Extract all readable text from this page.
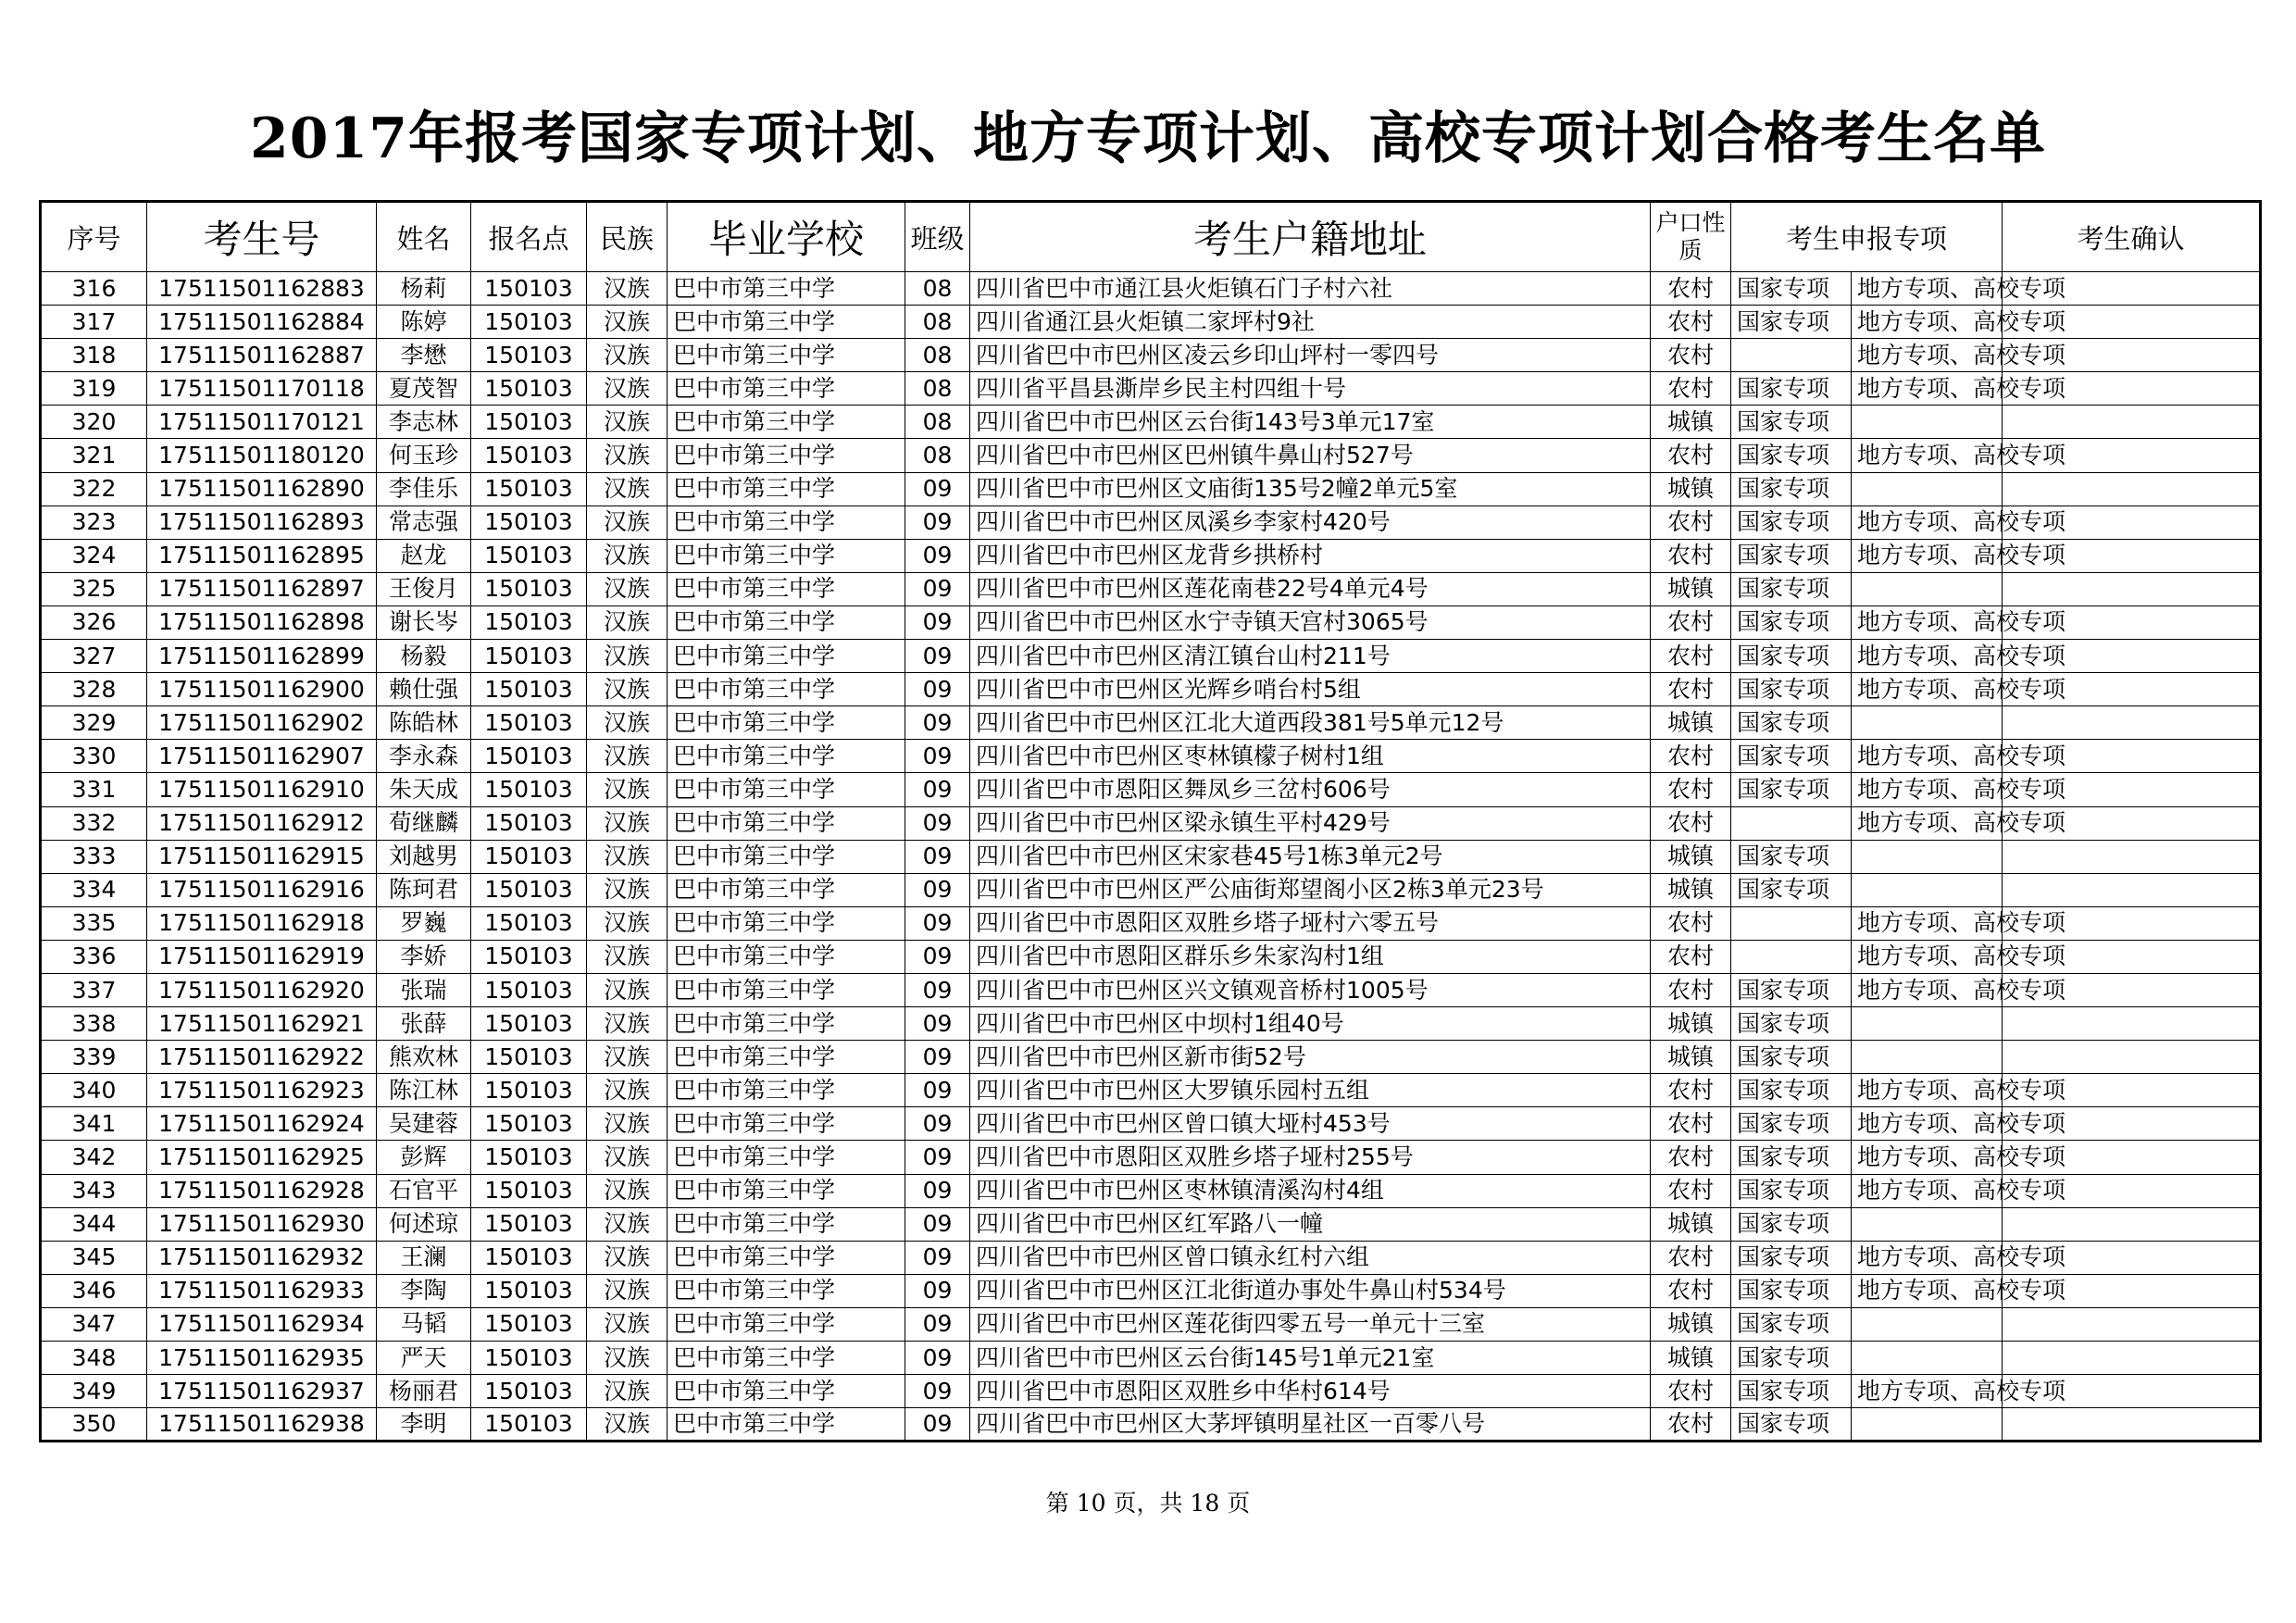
2017年报考国家专项计划、地方专项计划、高校专项计划合格考生名单
序号	考生号	姓名	报名点	民族	毕业学校	班级	考生户籍地址	户口性质	考生申报专项		考生确认
316	17511501162883	杨莉	150103	汉族	巴中市第三中学	08	四川省巴中市通江县火炬镇石门子村六社	农村	国家专项	地方专项、高校专项	
317	17511501162884	陈婷	150103	汉族	巴中市第三中学	08	四川省通江县火炬镇二家坪村9社	农村	国家专项	地方专项、高校专项	
318	17511501162887	李懋	150103	汉族	巴中市第三中学	08	四川省巴中市巴州区凌云乡印山坪村一零四号	农村		地方专项、高校专项	
319	17511501170118	夏茂智	150103	汉族	巴中市第三中学	08	四川省平昌县澌岸乡民主村四组十号	农村	国家专项	地方专项、高校专项	
320	17511501170121	李志林	150103	汉族	巴中市第三中学	08	四川省巴中市巴州区云台街143号3单元17室	城镇	国家专项		
321	17511501180120	何玉珍	150103	汉族	巴中市第三中学	08	四川省巴中市巴州区巴州镇牛鼻山村527号	农村	国家专项	地方专项、高校专项	
322	17511501162890	李佳乐	150103	汉族	巴中市第三中学	09	四川省巴中市巴州区文庙街135号2幢2单元5室	城镇	国家专项		
323	17511501162893	常志强	150103	汉族	巴中市第三中学	09	四川省巴中市巴州区凤溪乡李家村420号	农村	国家专项	地方专项、高校专项	
324	17511501162895	赵龙	150103	汉族	巴中市第三中学	09	四川省巴中市巴州区龙背乡拱桥村	农村	国家专项	地方专项、高校专项	
325	17511501162897	王俊月	150103	汉族	巴中市第三中学	09	四川省巴中市巴州区莲花南巷22号4单元4号	城镇	国家专项		
326	17511501162898	谢长岑	150103	汉族	巴中市第三中学	09	四川省巴中市巴州区水宁寺镇天宫村3065号	农村	国家专项	地方专项、高校专项	
327	17511501162899	杨毅	150103	汉族	巴中市第三中学	09	四川省巴中市巴州区清江镇台山村211号	农村	国家专项	地方专项、高校专项	
328	17511501162900	赖仕强	150103	汉族	巴中市第三中学	09	四川省巴中市巴州区光辉乡哨台村5组	农村	国家专项	地方专项、高校专项	
329	17511501162902	陈皓林	150103	汉族	巴中市第三中学	09	四川省巴中市巴州区江北大道西段381号5单元12号	城镇	国家专项		
330	17511501162907	李永森	150103	汉族	巴中市第三中学	09	四川省巴中市巴州区枣林镇檬子树村1组	农村	国家专项	地方专项、高校专项	
331	17511501162910	朱天成	150103	汉族	巴中市第三中学	09	四川省巴中市恩阳区舞凤乡三岔村606号	农村	国家专项	地方专项、高校专项	
332	17511501162912	荀继麟	150103	汉族	巴中市第三中学	09	四川省巴中市巴州区梁永镇生平村429号	农村		地方专项、高校专项	
333	17511501162915	刘越男	150103	汉族	巴中市第三中学	09	四川省巴中市巴州区宋家巷45号1栋3单元2号	城镇	国家专项		
334	17511501162916	陈珂君	150103	汉族	巴中市第三中学	09	四川省巴中市巴州区严公庙街郑望阁小区2栋3单元23号	城镇	国家专项		
335	17511501162918	罗巍	150103	汉族	巴中市第三中学	09	四川省巴中市恩阳区双胜乡塔子垭村六零五号	农村		地方专项、高校专项	
336	17511501162919	李娇	150103	汉族	巴中市第三中学	09	四川省巴中市恩阳区群乐乡朱家沟村1组	农村		地方专项、高校专项	
337	17511501162920	张瑞	150103	汉族	巴中市第三中学	09	四川省巴中市巴州区兴文镇观音桥村1005号	农村	国家专项	地方专项、高校专项	
338	17511501162921	张薛	150103	汉族	巴中市第三中学	09	四川省巴中市巴州区中坝村1组40号	城镇	国家专项		
339	17511501162922	熊欢林	150103	汉族	巴中市第三中学	09	四川省巴中市巴州区新市街52号	城镇	国家专项		
340	17511501162923	陈江林	150103	汉族	巴中市第三中学	09	四川省巴中市巴州区大罗镇乐园村五组	农村	国家专项	地方专项、高校专项	
341	17511501162924	吴建蓉	150103	汉族	巴中市第三中学	09	四川省巴中市巴州区曾口镇大垭村453号	农村	国家专项	地方专项、高校专项	
342	17511501162925	彭辉	150103	汉族	巴中市第三中学	09	四川省巴中市恩阳区双胜乡塔子垭村255号	农村	国家专项	地方专项、高校专项	
343	17511501162928	石官平	150103	汉族	巴中市第三中学	09	四川省巴中市巴州区枣林镇清溪沟村4组	农村	国家专项	地方专项、高校专项	
344	17511501162930	何述琼	150103	汉族	巴中市第三中学	09	四川省巴中市巴州区红军路八一幢	城镇	国家专项		
345	17511501162932	王澜	150103	汉族	巴中市第三中学	09	四川省巴中市巴州区曾口镇永红村六组	农村	国家专项	地方专项、高校专项	
346	17511501162933	李陶	150103	汉族	巴中市第三中学	09	四川省巴中市巴州区江北街道办事处牛鼻山村534号	农村	国家专项	地方专项、高校专项	
347	17511501162934	马韬	150103	汉族	巴中市第三中学	09	四川省巴中市巴州区莲花街四零五号一单元十三室	城镇	国家专项		
348	17511501162935	严天	150103	汉族	巴中市第三中学	09	四川省巴中市巴州区云台街145号1单元21室	城镇	国家专项		
349	17511501162937	杨丽君	150103	汉族	巴中市第三中学	09	四川省巴中市恩阳区双胜乡中华村614号	农村	国家专项	地方专项、高校专项	
350	17511501162938	李明	150103	汉族	巴中市第三中学	09	四川省巴中市巴州区大茅坪镇明星社区一百零八号	农村	国家专项		
第 10 页，共 18 页
